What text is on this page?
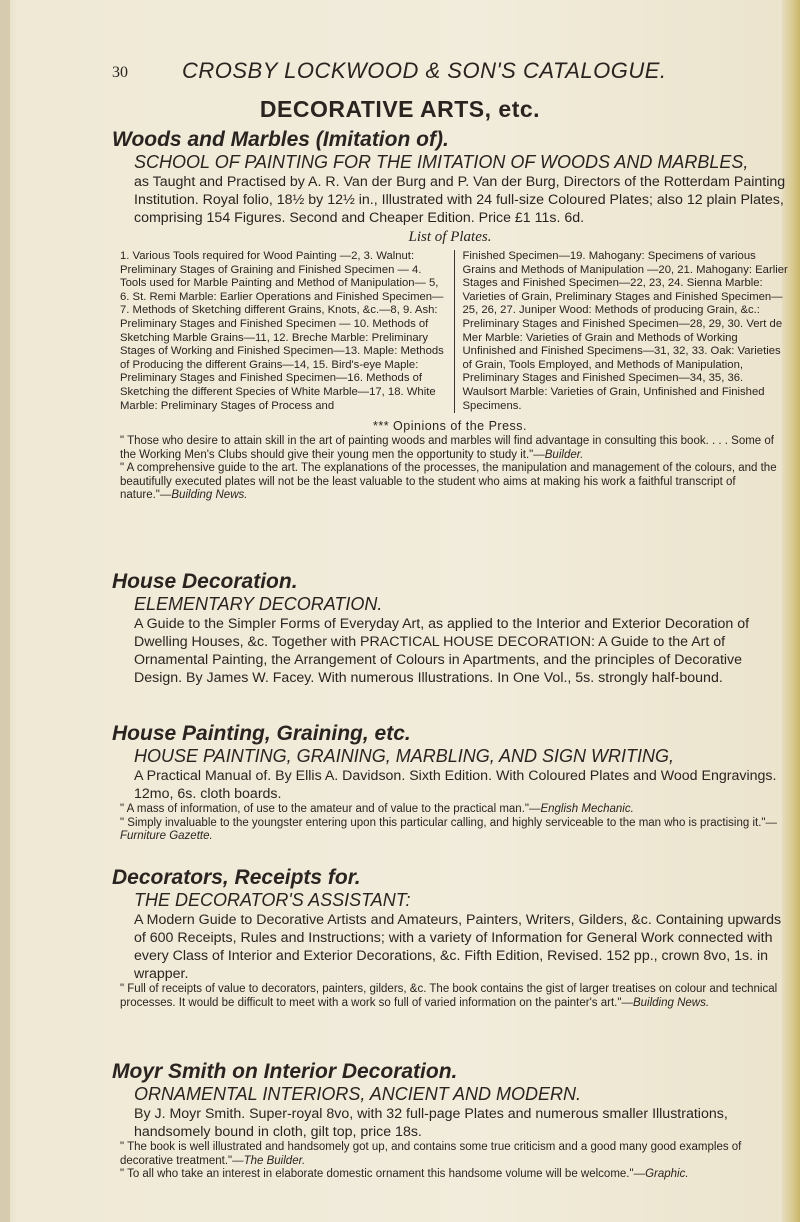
30 CROSBY LOCKWOOD & SON'S CATALOGUE.
DECORATIVE ARTS, etc.

Woods and Marbles (Imitation of).

SCHOOL OF PAINTING FOR THE IMITATION OF WOODS AND MARBLES,

as Taught and Practised by A. R. Van der Burg and P. Van der Burg, Directors of the Rotterdam Painting Institution. Royal folio, 18½ by 12½ in., Illustrated with 24 full-size Coloured Plates; also 12 plain Plates, comprising 154 Figures. Second and Cheaper Edition. Price £1 11s. 6d.

List of Plates.

1. Various Tools required for Wood Painting —2, 3. Walnut: Preliminary Stages of Graining and Finished Specimen — 4. Tools used for Marble Painting and Method of Manipulation— 5, 6. St. Remi Marble: Earlier Operations and Finished Specimen—7. Methods of Sketching different Grains, Knots, &c.—8, 9. Ash: Preliminary Stages and Finished Specimen — 10. Methods of Sketching Marble Grains—11, 12. Breche Marble: Preliminary Stages of Working and Finished Specimen—13. Maple: Methods of Producing the different Grains—14, 15. Bird's-eye Maple: Preliminary Stages and Finished Specimen—16. Methods of Sketching the different Species of White Marble—17, 18. White Marble: Preliminary Stages of Process and
Finished Specimen—19. Mahogany: Specimens of various Grains and Methods of Manipulation —20, 21. Mahogany: Earlier Stages and Finished Specimen—22, 23, 24. Sienna Marble: Varieties of Grain, Preliminary Stages and Finished Specimen—25, 26, 27. Juniper Wood: Methods of producing Grain, &c.: Preliminary Stages and Finished Specimen—28, 29, 30. Vert de Mer Marble: Varieties of Grain and Methods of Working Unfinished and Finished Specimens—31, 32, 33. Oak: Varieties of Grain, Tools Employed, and Methods of Manipulation, Preliminary Stages and Finished Specimen—34, 35, 36. Waulsort Marble: Varieties of Grain, Unfinished and Finished Specimens.

*** Opinions of the Press.

" Those who desire to attain skill in the art of painting woods and marbles will find advantage in consulting this book. . . . Some of the Working Men's Clubs should give their young men the opportunity to study it."—Builder.

" A comprehensive guide to the art. The explanations of the processes, the manipulation and management of the colours, and the beautifully executed plates will not be the least valuable to the student who aims at making his work a faithful transcript of nature."—Building News.

House Decoration.

ELEMENTARY DECORATION.

A Guide to the Simpler Forms of Everyday Art, as applied to the Interior and Exterior Decoration of Dwelling Houses, &c. Together with PRACTICAL HOUSE DECORATION: A Guide to the Art of Ornamental Painting, the Arrangement of Colours in Apartments, and the principles of Decorative Design. By James W. Facey. With numerous Illustrations. In One Vol., 5s. strongly half-bound.

House Painting, Graining, etc.

HOUSE PAINTING, GRAINING, MARBLING, AND SIGN WRITING,

A Practical Manual of. By Ellis A. Davidson. Sixth Edition. With Coloured Plates and Wood Engravings. 12mo, 6s. cloth boards.

" A mass of information, of use to the amateur and of value to the practical man."—English Mechanic.

" Simply invaluable to the youngster entering upon this particular calling, and highly serviceable to the man who is practising it."—Furniture Gazette.

Decorators, Receipts for.

THE DECORATOR'S ASSISTANT:

A Modern Guide to Decorative Artists and Amateurs, Painters, Writers, Gilders, &c. Containing upwards of 600 Receipts, Rules and Instructions; with a variety of Information for General Work connected with every Class of Interior and Exterior Decorations, &c. Fifth Edition, Revised. 152 pp., crown 8vo, 1s. in wrapper.

" Full of receipts of value to decorators, painters, gilders, &c. The book contains the gist of larger treatises on colour and technical processes. It would be difficult to meet with a work so full of varied information on the painter's art."—Building News.

Moyr Smith on Interior Decoration.

ORNAMENTAL INTERIORS, ANCIENT AND MODERN.

By J. Moyr Smith. Super-royal 8vo, with 32 full-page Plates and numerous smaller Illustrations, handsomely bound in cloth, gilt top, price 18s.

" The book is well illustrated and handsomely got up, and contains some true criticism and a good many good examples of decorative treatment."—The Builder.

" To all who take an interest in elaborate domestic ornament this handsome volume will be welcome."—Graphic.
